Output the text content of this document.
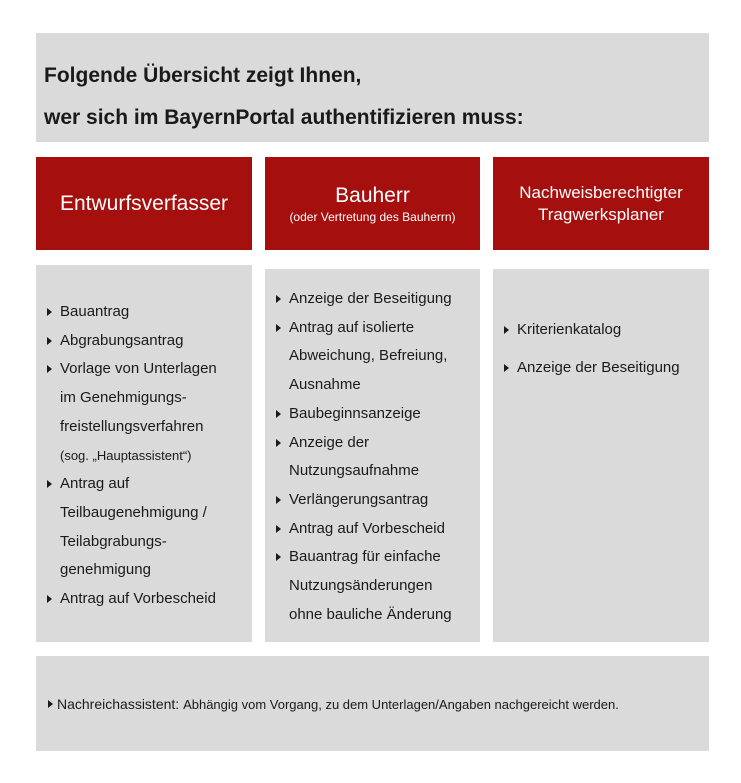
Folgende Übersicht zeigt Ihnen,
wer sich im BayernPortal authentifizieren muss:
Entwurfsverfasser	Bauherr
(oder Vertretung des Bauherrn)
Nachweisberechtigter
Tragwerksplaner
Bauantrag
Abgrabungsantrag
Vorlage von Unterlagen
im Genehmigungs-
freistellungsverfahren
(sog. „Hauptassistent“)
Antrag auf
Teilbaugenehmigung /
Teilabgrabungs-
genehmigung
Antrag auf Vorbescheid
Anzeige der Beseitigung
Antrag auf isolierte
Abweichung, Befreiung,
Ausnahme
Baubeginnsanzeige
Anzeige der
Nutzungsaufnahme
Verlängerungsantrag
Antrag auf Vorbescheid
Bauantrag für einfache
Nutzungsänderungen
ohne bauliche Änderung
Kriterienkatalog
Anzeige der Beseitigung
Nachreichassistent: Abhängig vom Vorgang, zu dem Unterlagen/Angaben nachgereicht werden.
